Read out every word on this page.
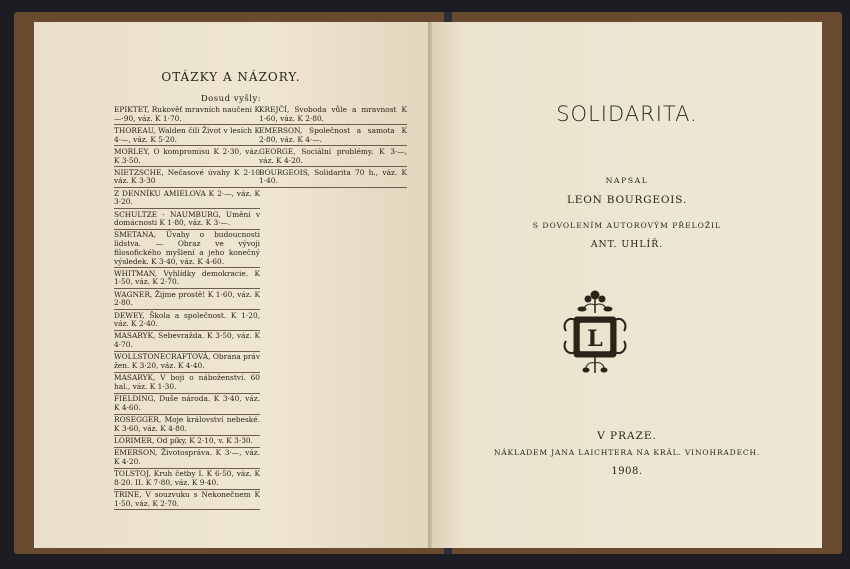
OTÁZKY A NÁZORY.
Dosud vyšly:
EPIKTET, Rukověť mravních naučení K —·90, váz. K 1·70.
THOREAU, Walden čili Život v lesích K 4·—, váz. K 5·20.
MORLEY, O kompromisu K 2·30, váz. K 3·50.
NIETZSCHE, Nečasové úvahy K 2·10 váz. K 3·30
Z DENNÍKU AMIELOVA K 2·—, váz. K 3·20.
SCHULTZE - NAUMBURG, Umění v domácnosti K 1·80, váz. K 3·—.
SMETANA, Úvahy o budoucnosti lidstva. — Obraz ve vývoji filosofického myšlení a jeho konečný výsledek. K 3·40, váz. K 4·60.
WHITMAN, Vyhlídky demokracie. K 1·50, váz. K 2·70.
WAGNER, Žijme prostě! K 1·60, váz. K 2·80.
DEWEY, Škola a společnost. K 1·20, váz. K 2·40.
MASARYK, Sebevražda. K 3·50, váz. K 4·70.
WOLLSTONECRAFTOVÁ, Obrana práv žen. K 3·20, váz. K 4·40.
MASARYK, V boji o náboženství. 60 hal., váz. K 1·30.
FIELDING, Duše národa. K 3·40, váz. K 4·60.
ROSEGGER, Moje království nebeské. K 3·60, váz. K 4·80.
LORIMER, Od píky, K 2·10, v. K 3·30.
EMERSON, Životospráva. K 3·—, váz. K 4·20.
TOLSTOJ, Kruh četby I. K 6·50, váz. K 8·20. II. K 7·80, váz. K 9·40.
TRINE, V souzvuku s Nekonečnem K 1·50, váz. K 2·70.
KREJČÍ, Svoboda vůle a mravnost K 1·60, váz. K 2·80.
EMERSON, Společnost a samota K 2·80, váz. K 4·—.
GEORGE, Sociální problémy. K 3·—, váz. K 4·20.
BOURGEOIS, Solidarita 70 h., váz. K 1·40.
SOLIDARITA.
NAPSAL
LEON BOURGEOIS.
S DOVOLENÍM AUTOROVÝM PŘELOŽIL
ANT. UHLÍŘ.
L
V PRAZE.
NÁKLADEM JANA LAICHTERA NA KRÁL. VINOHRADECH.
1908.
